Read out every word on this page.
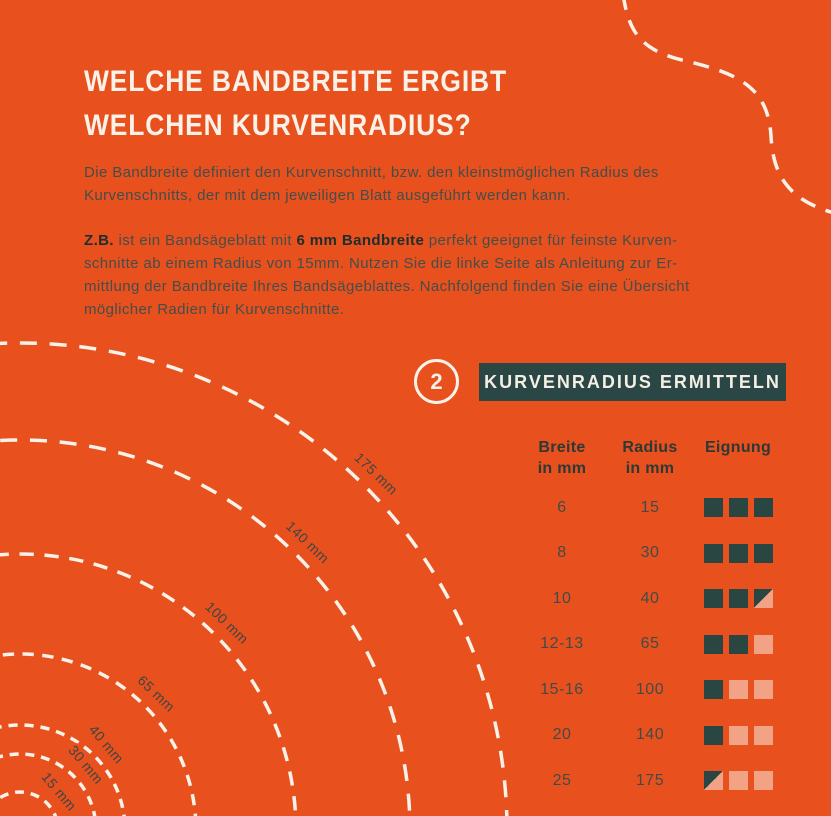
175 mm
140 mm
100 mm
65 mm
40 mm
30 mm
15 mm
WELCHE BANDBREITE ERGIBT
WELCHEN KURVENRADIUS?
Die Bandbreite definiert den Kurvenschnitt, bzw. den kleinstmöglichen Radius des
Kurvenschnitts, der mit dem jeweiligen Blatt ausgeführt werden kann.
Z.B. ist ein Bandsägeblatt mit 6 mm Bandbreite perfekt geeignet für feinste Kurven-
schnitte ab einem Radius von 15mm. Nutzen Sie die linke Seite als Anleitung zur Er-
mittlung der Bandbreite Ihres Bandsägeblattes. Nachfolgend finden Sie eine Übersicht
möglicher Radien für Kurvenschnitte.
2 KURVENRADIUS ERMITTELN
Breite
in mm
Radius
in mm
Eignung
6	15
8	30
10	40
12-13	65
15-16	100
20	140
25	175
